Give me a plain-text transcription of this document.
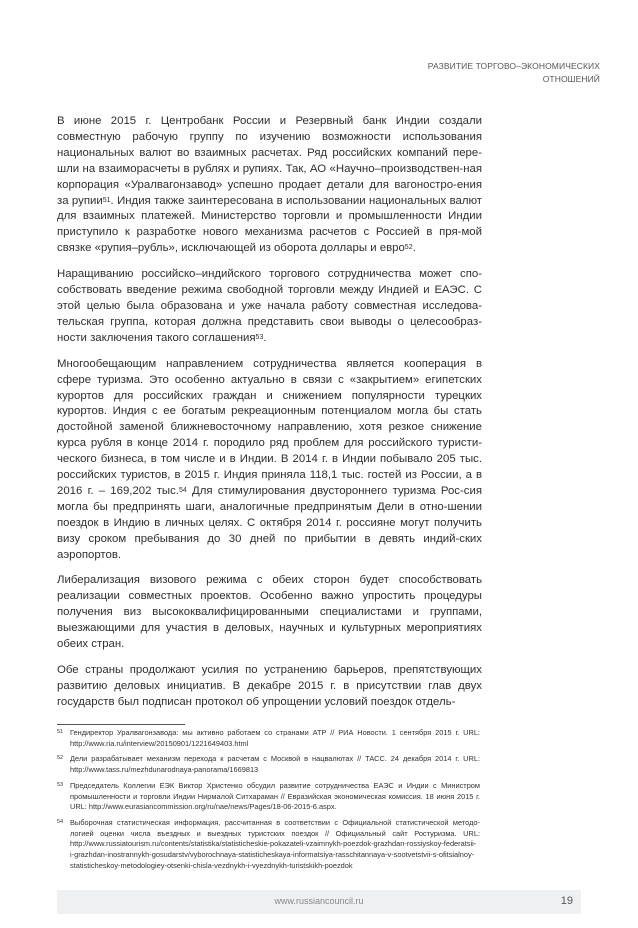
РАЗВИТИЕ ТОРГОВО–ЭКОНОМИЧЕСКИХ
ОТНОШЕНИЙ

В июне 2015 г. Центробанк России и Резервный банк Индии создали совместную рабочую группу по изучению возможности использования национальных валют во взаимных расчетах. Ряд российских компаний пере-шли на взаиморасчеты в рублях и рупиях. Так, АО «Научно–производствен-ная корпорация «Уралвагонзавод» успешно продает детали для вагоностро-ения за рупии$^{51}$. Индия также заинтересована в использовании национальных валют для взаимных платежей. Министерство торговли и промышленности Индии приступило к разработке нового механизма расчетов с Россией в пря-мой связке «рупия–рубль», исключающей из оборота доллары и евро$^{52}$.

Наращиванию российско–индийского торгового сотрудничества может спо-собствовать введение режима свободной торговли между Индией и ЕАЭС. С этой целью была образована и уже начала работу совместная исследова-тельская группа, которая должна представить свои выводы о целесообраз-ности заключения такого соглашения$^{53}$.

Многообещающим направлением сотрудничества является кооперация в сфере туризма. Это особенно актуально в связи с «закрытием» египетских курортов для российских граждан и снижением популярности турецких курортов. Индия с ее богатым рекреационным потенциалом могла бы стать достойной заменой ближневосточному направлению, хотя резкое снижение курса рубля в конце 2014 г. породило ряд проблем для российского туристи-ческого бизнеса, в том числе и в Индии. В 2014 г. в Индии побывало 205 тыс. российских туристов, в 2015 г. Индия приняла 118,1 тыс. гостей из России, а в 2016 г. – 169,202 тыс.$^{54}$ Для стимулирования двустороннего туризма Рос-сия могла бы предпринять шаги, аналогичные предпринятым Дели в отно-шении поездок в Индию в личных целях. С октября 2014 г. россияне могут получить визу сроком пребывания до 30 дней по прибытии в девять индий-ских аэропортов.

Либерализация визового режима с обеих сторон будет способствовать реализации совместных проектов. Особенно важно упростить процедуры получения виз высококвалифицированными специалистами и группами, выезжающими для участия в деловых, научных и культурных мероприятиях обеих стран.

Обе страны продолжают усилия по устранению барьеров, препятствующих развитию деловых инициатив. В декабре 2015 г. в присутствии глав двух государств был подписан протокол об упрощении условий поездок отдель-

51 Гендиректор Уралвагонзавода: мы активно работаем со странами АТР // РИА Новости. 1 сентября 2015 г. URL: http://www.ria.ru/interview/20150901/1221649403.html
52 Дели разрабатывает механизм перехода к расчетам с Москвой в нацвалютах // ТАСС. 24 декабря 2014 г. URL: http://www.tass.ru/mezhdunarodnaya-panorama/1669813
53 Председатель Коллегии ЕЭК Виктор Христенко обсудил развитие сотрудничества ЕАЭС и Индии с Министром промышленности и торговли Индии Нирмалой Ситхараман // Евразийская экономическая комиссия. 18 июня 2015 г. URL: http://www.eurasiancommission.org/ru/nae/news/Pages/18-06-2015-6.aspx.
54 Выборочная статистическая информация, рассчитанная в соответствии с Официальной статистической методо-логией оценки числа въездных и выездных туристских поездок // Официальный сайт Ростуризма. URL: http://www.russiatourism.ru/contents/statistika/statisticheskie-pokazateli-vzaimnykh-poezdok-grazhdan-rossiyskoy-federatsii-i-grazhdan-inostrannykh-gosudarstv/vyborochnaya-statisticheskaya-informatsiya-rasschitannaya-v-sootvetstvii-s-ofitsialnoy-statisticheskoy-metodologiey-otsenki-chisla-vezdnykh-i-vyezdnykh-turistskikh-poezdok
www.russiancouncil.ru	19
